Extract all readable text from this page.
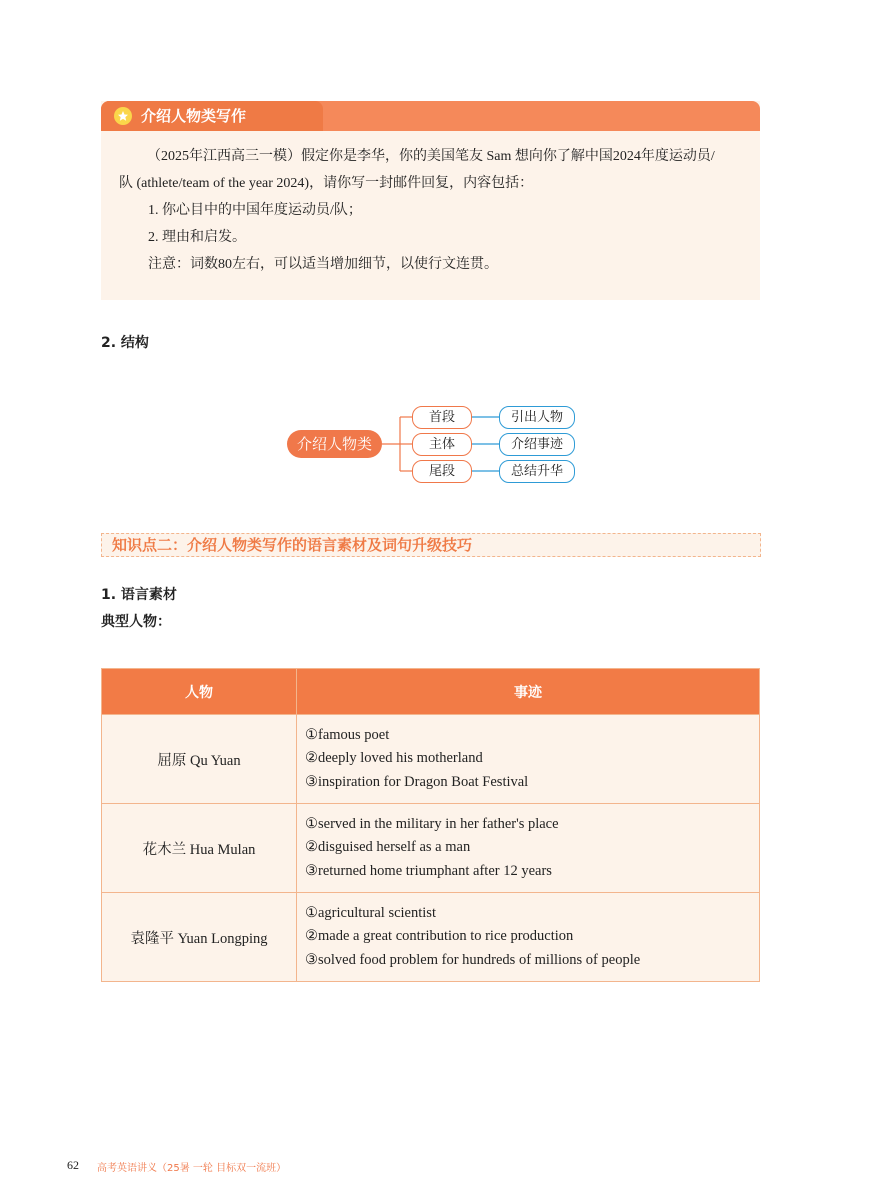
介绍人物类写作

（2025年江西高三一模）假定你是李华，你的美国笔友 Sam 想向你了解中国2024年度运动员/

队 (athlete/team of the year 2024)，请你写一封邮件回复，内容包括：

1. 你心目中的中国年度运动员/队；

2. 理由和启发。

注意：词数80左右，可以适当增加细节，以使行文连贯。

2. 结构
介绍人物类
首段
主体
尾段
引出人物
介绍事迹
总结升华
知识点二：介绍人物类写作的语言素材及词句升级技巧
1. 语言素材
典型人物：
人物	事迹
屈原 Qu Yuan	①famous poet
②deeply loved his motherland
③inspiration for Dragon Boat Festival

花木兰 Hua Mulan	①served in the military in her father's place
②disguised herself as a man
③returned home triumphant after 12 years

袁隆平 Yuan Longping	①agricultural scientist
②made a great contribution to rice production
③solved food problem for hundreds of millions of people
62 高考英语讲义（25暑 一轮 目标双一流班）
